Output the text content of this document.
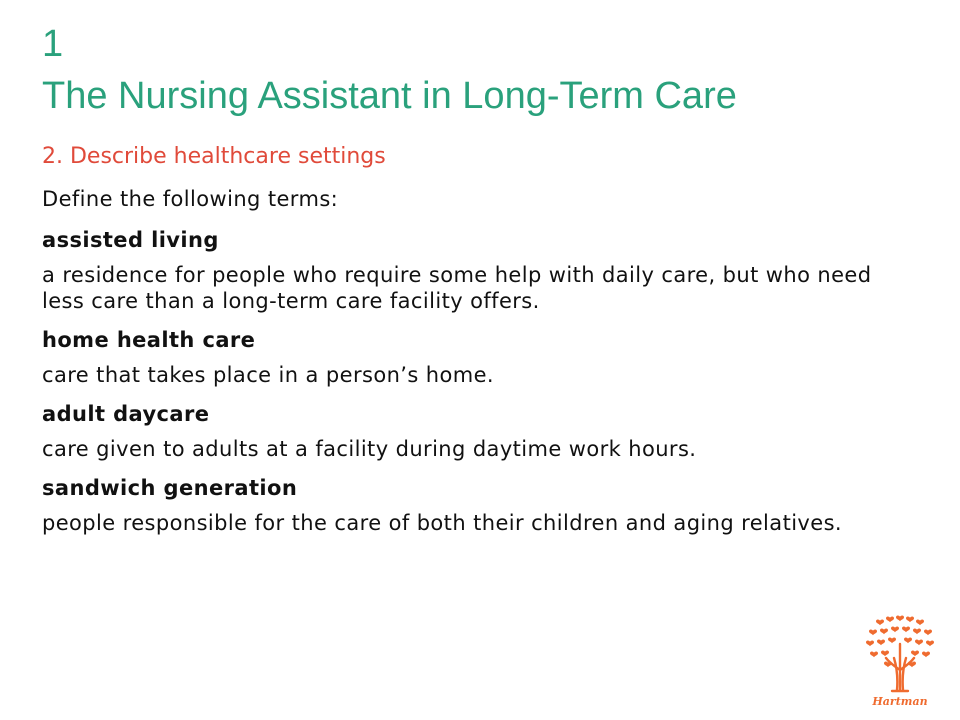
1
The Nursing Assistant in Long-Term Care
2. Describe healthcare settings

Define the following terms:

assisted living

a residence for people who require some help with daily care, but who need less care than a long-term care facility offers.

home health care

care that takes place in a person’s home.

adult daycare

care given to adults at a facility during daytime work hours.

sandwich generation

people responsible for the care of both their children and aging relatives.

Hartman
